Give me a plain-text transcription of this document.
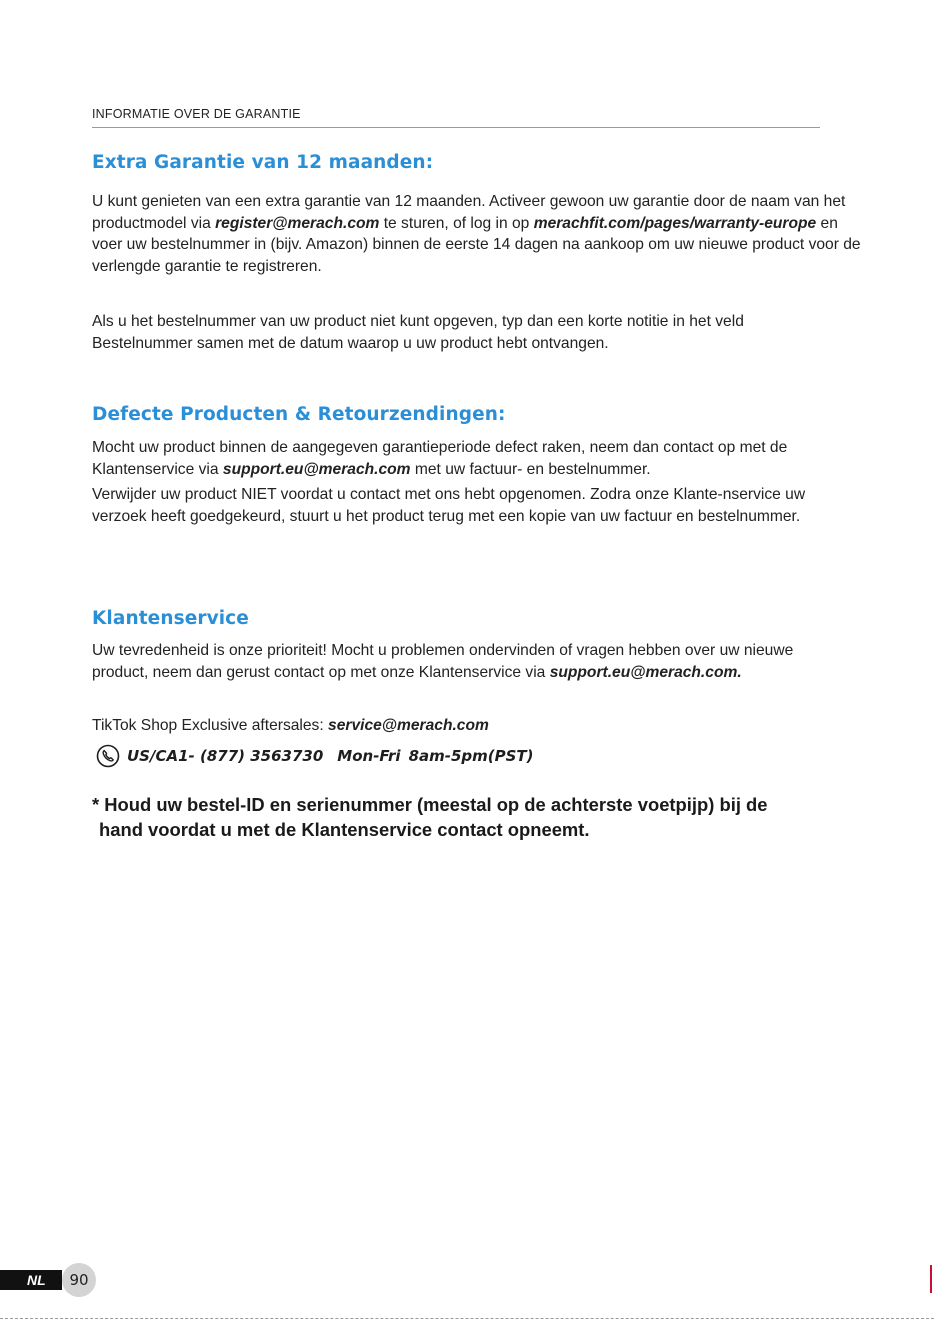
INFORMATIE OVER DE GARANTIE
Extra Garantie van 12 maanden:
U kunt genieten van een extra garantie van 12 maanden. Activeer gewoon uw garantie door de naam van het productmodel via register@merach.com te sturen, of log in op merachfit.com/pages/warranty-europe en voer uw bestelnummer in (bijv. Amazon) binnen de eerste 14 dagen na aankoop om uw nieuwe product voor de verlengde garantie te registreren.
Als u het bestelnummer van uw product niet kunt opgeven, typ dan een korte notitie in het veld Bestelnummer samen met de datum waarop u uw product hebt ontvangen.
Defecte Producten & Retourzendingen:
Mocht uw product binnen de aangegeven garantieperiode defect raken, neem dan contact op met de Klantenservice via support.eu@merach.com met uw factuur- en bestelnummer.
Verwijder uw product NIET voordat u contact met ons hebt opgenomen. Zodra onze Klante-nservice uw verzoek heeft goedgekeurd, stuurt u het product terug met een kopie van uw factuur en bestelnummer.
Klantenservice
Uw tevredenheid is onze prioriteit! Mocht u problemen ondervinden of vragen hebben over uw nieuwe product, neem dan gerust contact op met onze Klantenservice via support.eu@merach.com.
TikTok Shop Exclusive aftersales: service@merach.com
US/CA1- (877) 3563730 Mon-Fri 8am-5pm(PST)
* Houd uw bestel-ID en serienummer (meestal op de achterste voetpijp) bij de
hand voordat u met de Klantenservice contact opneemt.
NL	90
